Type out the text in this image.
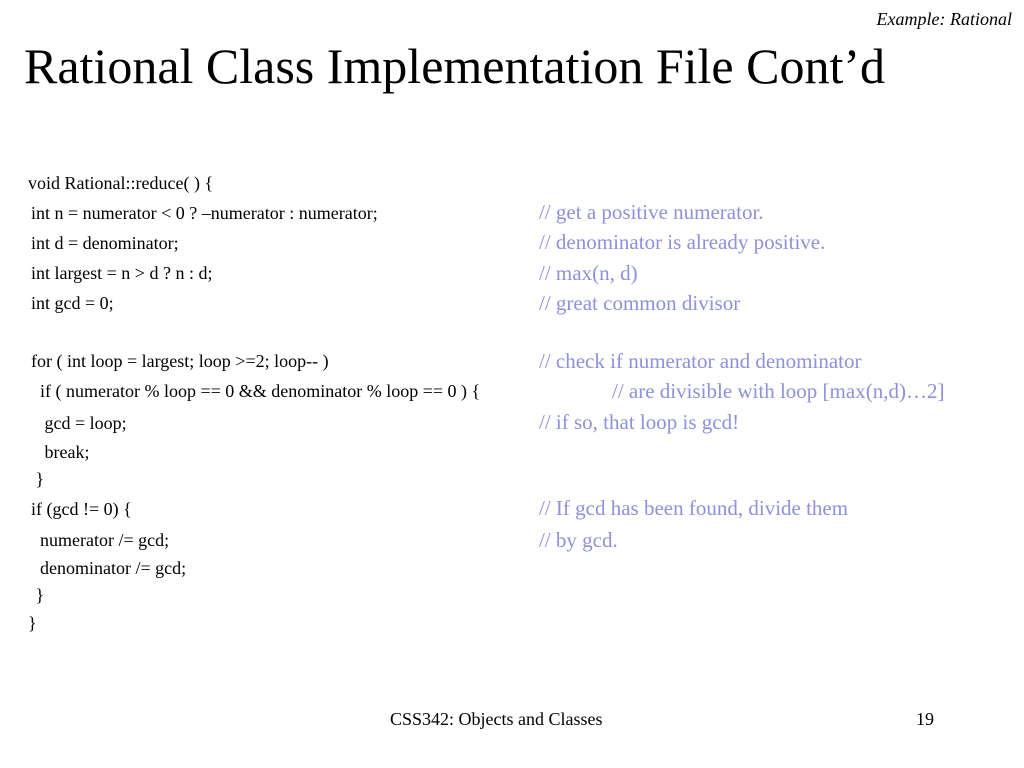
Example: Rational
Rational Class Implementation File Cont’d
void Rational::reduce( ) {
int n = numerator < 0 ? –numerator : numerator;
int d = denominator;
int largest = n > d ? n : d;
int gcd = 0;
for ( int loop = largest; loop >=2; loop-- )
if ( numerator % loop == 0 && denominator % loop == 0 ) {
gcd = loop;
break;
}
if (gcd != 0) {
numerator /= gcd;
denominator /= gcd;
}
}
// get a positive numerator.
// denominator is already positive.
// max(n, d)
// great common divisor
// check if numerator and denominator
// are divisible with loop [max(n,d)…2]
// if so, that loop is gcd!
// If gcd has been found, divide them
// by gcd.
CSS342: Objects and Classes	19
